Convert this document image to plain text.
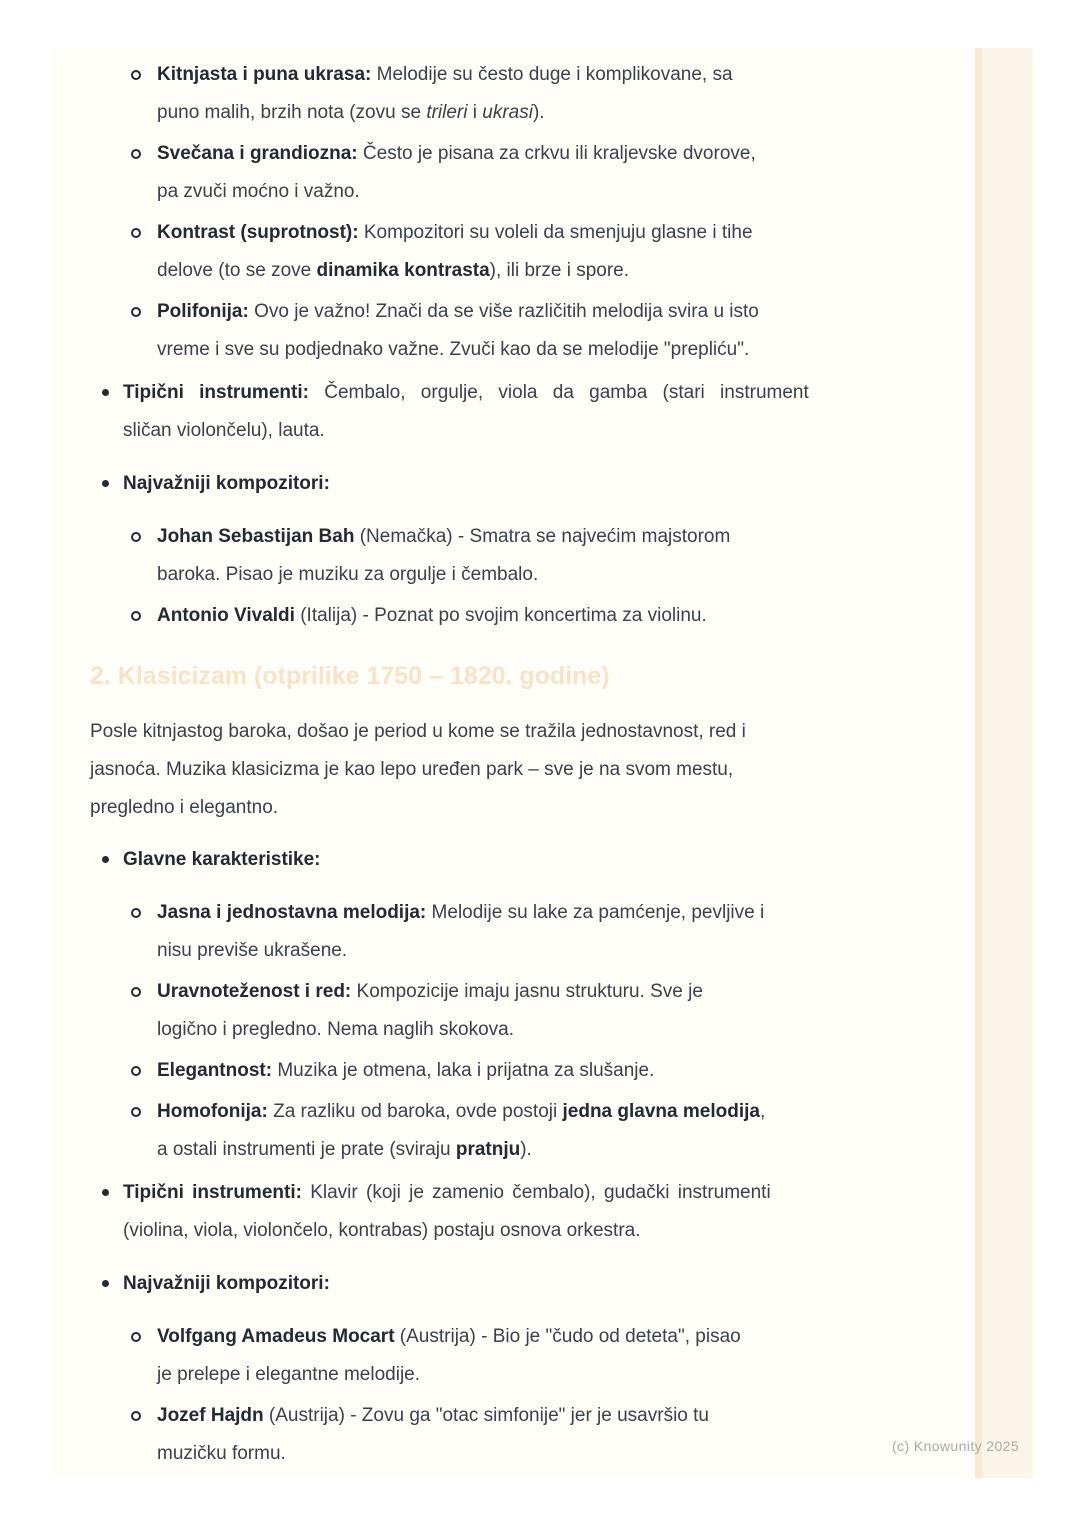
Kitnjasta i puna ukrasa: Melodije su često duge i komplikovane, sa
puno malih, brzih nota (zovu se trileri i ukrasi).
Svečana i grandiozna: Često je pisana za crkvu ili kraljevske dvorove,
pa zvuči moćno i važno.
Kontrast (suprotnost): Kompozitori su voleli da smenjuju glasne i tihe
delove (to se zove dinamika kontrasta), ili brze i spore.
Polifonija: Ovo je važno! Znači da se više različitih melodija svira u isto
vreme i sve su podjednako važne. Zvuči kao da se melodije "prepliću".
Tipični instrumenti: Čembalo, orgulje, viola da gamba (stari instrument
sličan violončelu), lauta.
Najvažniji kompozitori:
Johan Sebastijan Bah (Nemačka) - Smatra se najvećim majstorom
baroka. Pisao je muziku za orgulje i čembalo.
Antonio Vivaldi (Italija) - Poznat po svojim koncertima za violinu.
2. Klasicizam (otprilike 1750 – 1820. godine)
Posle kitnjastog baroka, došao je period u kome se tražila jednostavnost, red i
jasnoća. Muzika klasicizma je kao lepo uređen park – sve je na svom mestu,
pregledno i elegantno.
Glavne karakteristike:
Jasna i jednostavna melodija: Melodije su lake za pamćenje, pevljive i
nisu previše ukrašene.
Uravnoteženost i red: Kompozicije imaju jasnu strukturu. Sve je
logično i pregledno. Nema naglih skokova.
Elegantnost: Muzika je otmena, laka i prijatna za slušanje.
Homofonija: Za razliku od baroka, ovde postoji jedna glavna melodija,
a ostali instrumenti je prate (sviraju pratnju).
Tipični instrumenti: Klavir (koji je zamenio čembalo), gudački instrumenti
(violina, viola, violončelo, kontrabas) postaju osnova orkestra.
Najvažniji kompozitori:
Volfgang Amadeus Mocart (Austrija) - Bio je "čudo od deteta", pisao
je prelepe i elegantne melodije.
Jozef Hajdn (Austrija) - Zovu ga "otac simfonije" jer je usavršio tu
muzičku formu.	(c) Knowunity 2025
